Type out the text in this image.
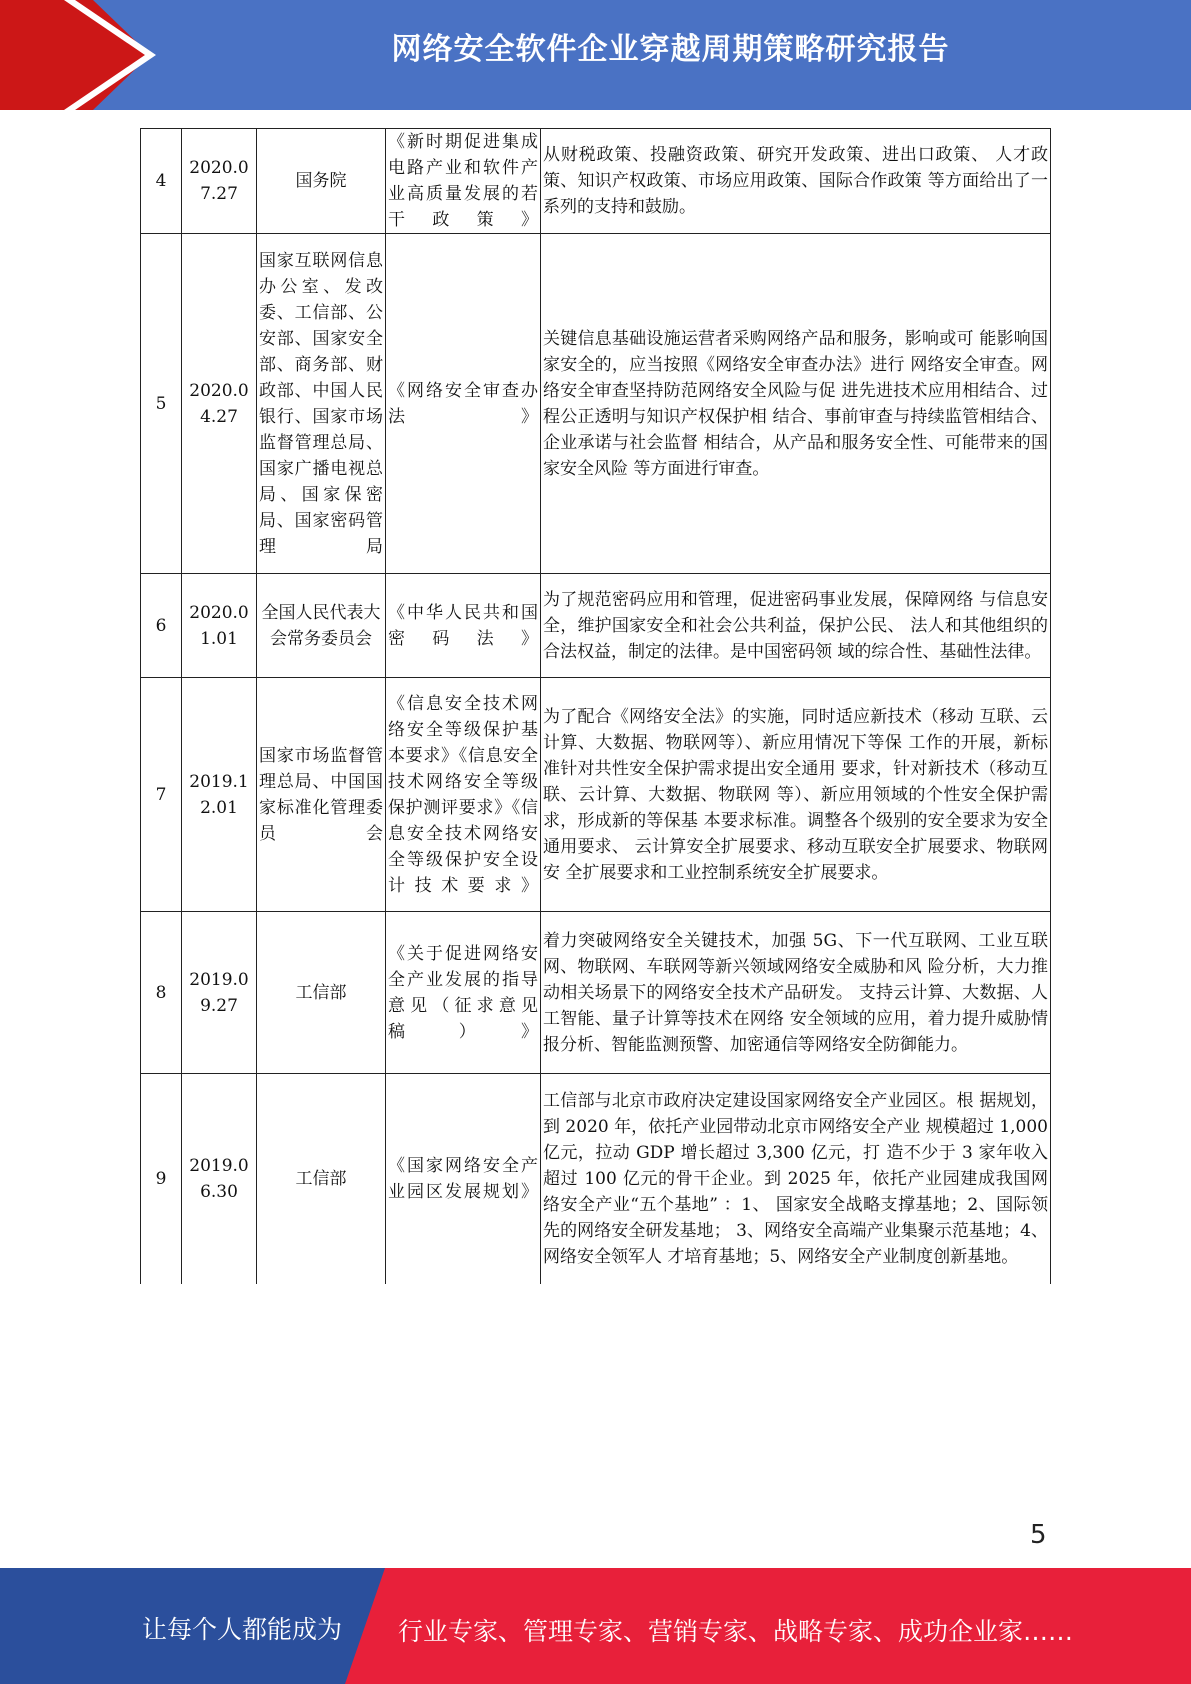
网络安全软件企业穿越周期策略研究报告
4	2020.07.27	国务院	《新时期促进集成电路产业和软件产业高质量发展的若干政策》	从财税政策、投融资政策、研究开发政策、进出口政策、 人才政策、知识产权政策、市场应用政策、国际合作政策 等方面给出了一系列的支持和鼓励。
5	2020.04.27	国家互联网信息办公室、发改委、工信部、公安部、国家安全部、商务部、财政部、中国人民银行、国家市场监督管理总局、国家广播电视总局、国家保密局、国家密码管理局	《网络安全审查办法》	关键信息基础设施运营者采购网络产品和服务，影响或可 能影响国家安全的，应当按照《网络安全审查办法》进行 网络安全审查。网络安全审查坚持防范网络安全风险与促 进先进技术应用相结合、过程公正透明与知识产权保护相 结合、事前审查与持续监管相结合、企业承诺与社会监督 相结合，从产品和服务安全性、可能带来的国家安全风险 等方面进行审查。
6	2020.01.01	全国人民代表大会常务委员会	《中华人民共和国密码法》	为了规范密码应用和管理，促进密码事业发展，保障网络 与信息安全，维护国家安全和社会公共利益，保护公民、 法人和其他组织的合法权益，制定的法律。是中国密码领 域的综合性、基础性法律。
7	2019.12.01	国家市场监督管理总局、中国国家标准化管理委员会	《信息安全技术网络安全等级保护基本要求》《信息安全技术网络安全等级保护测评要求》《信息安全技术网络安全等级保护安全设计技术要求》	为了配合《网络安全法》的实施，同时适应新技术（移动 互联、云计算、大数据、物联网等）、新应用情况下等保 工作的开展，新标准针对共性安全保护需求提出安全通用 要求，针对新技术（移动互联、云计算、大数据、物联网 等）、新应用领域的个性安全保护需求，形成新的等保基 本要求标准。调整各个级别的安全要求为安全通用要求、 云计算安全扩展要求、移动互联安全扩展要求、物联网安 全扩展要求和工业控制系统安全扩展要求。
8	2019.09.27	工信部	《关于促进网络安全产业发展的指导意见（征求意见稿）》	着力突破网络安全关键技术，加强 5G、下一代互联网、工业互联网、物联网、车联网等新兴领域网络安全威胁和风 险分析，大力推动相关场景下的网络安全技术产品研发。 支持云计算、大数据、人工智能、量子计算等技术在网络 安全领域的应用，着力提升威胁情报分析、智能监测预警、加密通信等网络安全防御能力。
9	2019.06.30	工信部	《国家网络安全产业园区发展规划》	工信部与北京市政府决定建设国家网络安全产业园区。根 据规划，到 2020 年，依托产业园带动北京市网络安全产业 规模超过 1,000 亿元，拉动 GDP 增长超过 3,300 亿元，打 造不少于 3 家年收入超过 100 亿元的骨干企业。到 2025 年，依托产业园建成我国网络安全产业“五个基地” ：1、 国家安全战略支撑基地；2、国际领先的网络安全研发基地； 3、网络安全高端产业集聚示范基地；4、网络安全领军人 才培育基地；5、网络安全产业制度创新基地。
5
让每个人都能成为 行业专家、管理专家、营销专家、战略专家、成功企业家……
